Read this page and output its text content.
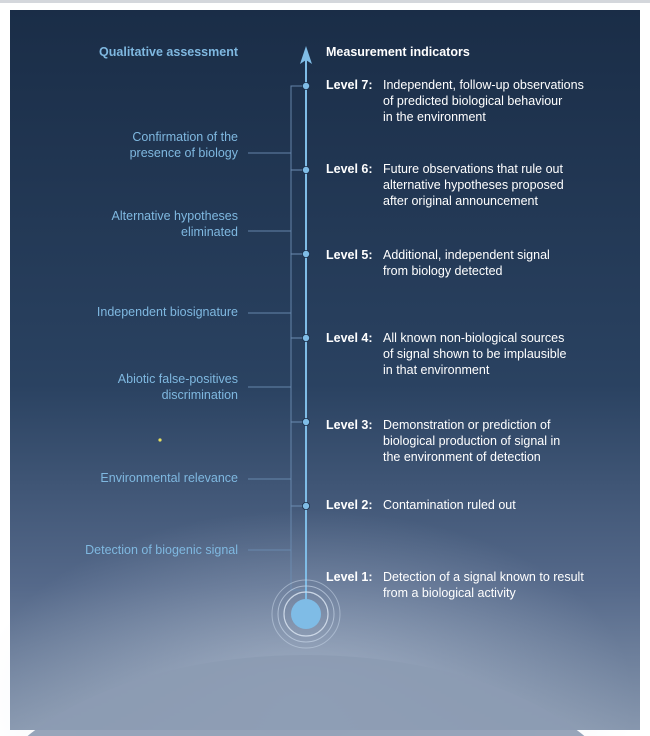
Qualitative assessment	Measurement indicators
Confirmation of the presence of biology
Alternative hypotheses eliminated
Independent biosignature
Abiotic false-positives discrimination
Environmental relevance
Detection of biogenic signal
Level 7: Independent, follow-up observations of predicted biological behaviour in the environment
Level 6: Future observations that rule out alternative hypotheses proposed after original announcement
Level 5: Additional, independent signal from biology detected
Level 4: All known non-biological sources of signal shown to be implausible in that environment
Level 3: Demonstration or prediction of biological production of signal in the environment of detection
Level 2: Contamination ruled out
Level 1: Detection of a signal known to result from a biological activity
